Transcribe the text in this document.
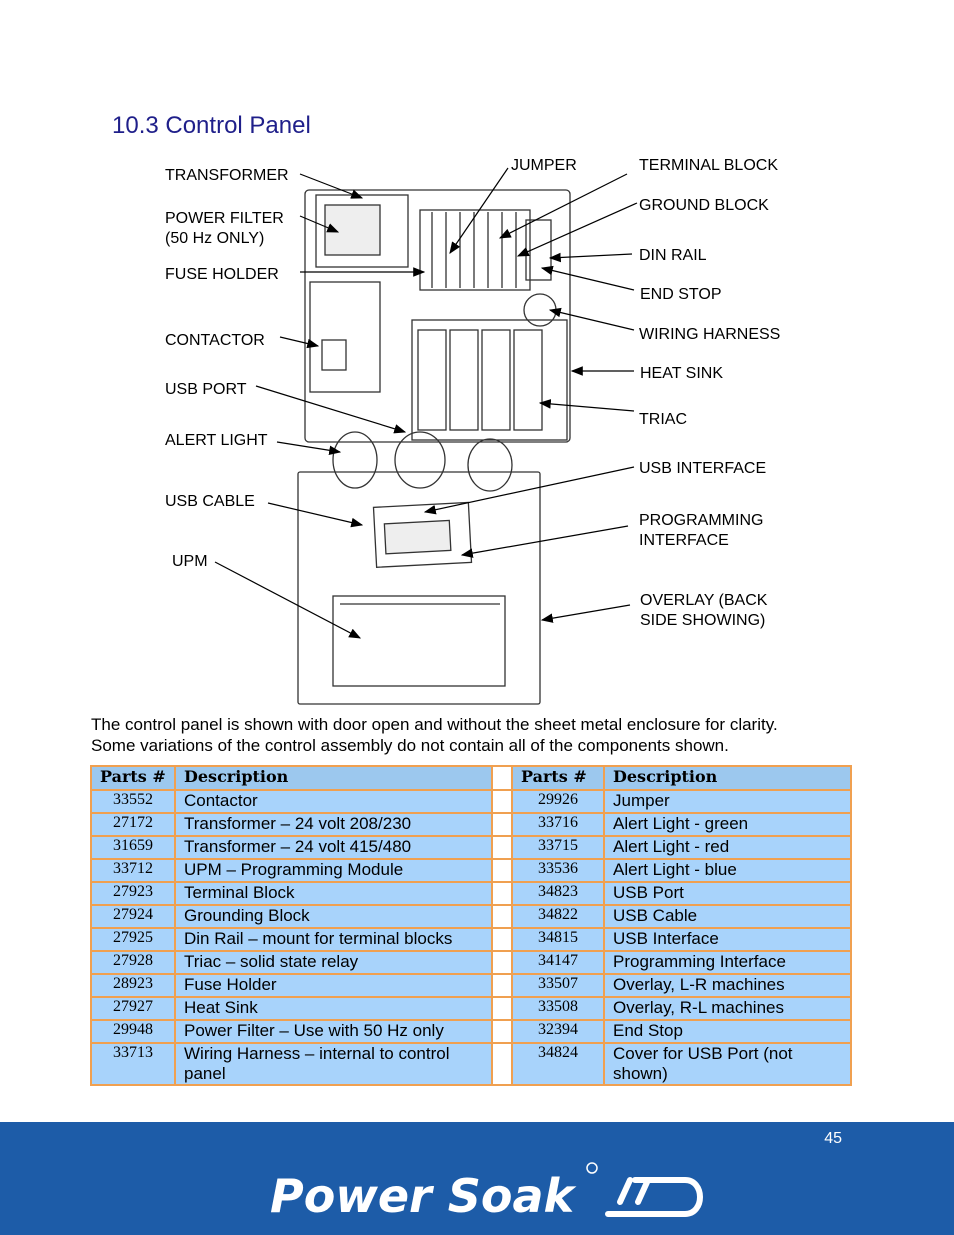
10.3 Control Panel
TRANSFORMER
POWER FILTER
(50 Hz ONLY)
FUSE HOLDER
CONTACTOR
USB PORT
ALERT LIGHT
USB CABLE
UPM
JUMPER	TERMINAL BLOCK
GROUND BLOCK
DIN RAIL
END STOP
WIRING HARNESS
HEAT SINK
TRIAC
USB INTERFACE
PROGRAMMING
INTERFACE
OVERLAY (BACK
SIDE SHOWING)
The control panel is shown with door open and without the sheet metal enclosure for clarity.
Some variations of the control assembly do not contain all of the components shown.
Parts #	Description		Parts #	Description
33552	Contactor		29926	Jumper
27172	Transformer – 24 volt 208/230		33716	Alert Light - green
31659	Transformer – 24 volt 415/480		33715	Alert Light - red
33712	UPM – Programming Module		33536	Alert Light - blue
27923	Terminal Block		34823	USB Port
27924	Grounding Block		34822	USB Cable
27925	Din Rail – mount for terminal blocks		34815	USB Interface
27928	Triac – solid state relay		34147	Programming Interface
28923	Fuse Holder		33507	Overlay, L-R machines
27927	Heat Sink		33508	Overlay, R-L machines
29948	Power Filter – Use with 50 Hz only		32394	End Stop
33713	Wiring Harness – internal to control panel		34824	Cover for USB Port (not shown)
45
Power Soak
